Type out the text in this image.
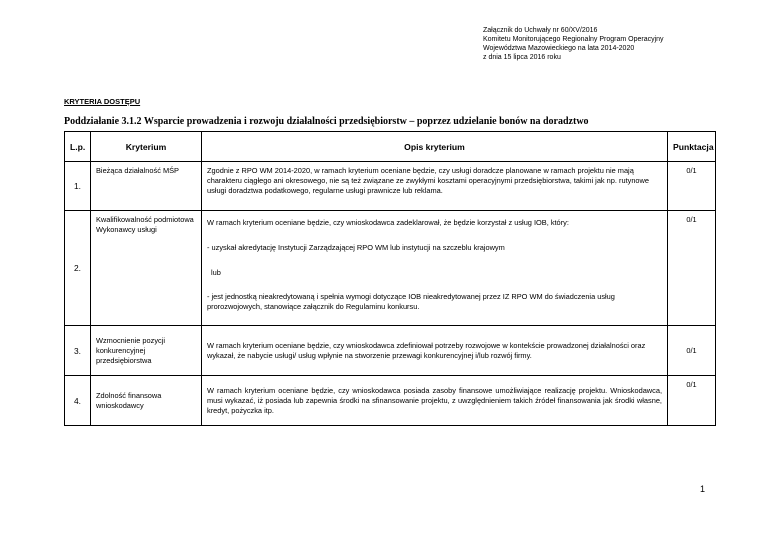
Załącznik do Uchwały nr 60/XV/2016
Komitetu Monitorującego Regionalny Program Operacyjny
Województwa Mazowieckiego na lata 2014-2020
z dnia 15 lipca 2016 roku
KRYTERIA DOSTĘPU
Poddziałanie 3.1.2 Wsparcie prowadzenia i rozwoju działalności przedsiębiorstw – poprzez udzielanie bonów na doradztwo
L.p.	Kryterium	Opis kryterium	Punktacja
1.	Bieżąca działalność MŚP	Zgodnie z RPO WM 2014-2020, w ramach kryterium oceniane będzie, czy usługi doradcze planowane w ramach projektu nie mają charakteru ciągłego ani okresowego, nie są też związane ze zwykłymi kosztami operacyjnymi przedsiębiorstwa, takimi jak np. rutynowe usługi doradztwa podatkowego, regularne usługi prawnicze lub reklama.	0/1
2.	Kwalifikowalność podmiotowa Wykonawcy usługi	W ramach kryterium oceniane będzie, czy wnioskodawca zadeklarował, że będzie korzystał z usług IOB, który:

- uzyskał akredytację Instytucji Zarządzającej RPO WM lub instytucji na szczeblu krajowym

lub

- jest jednostką nieakredytowaną i spełnia wymogi dotyczące IOB nieakredytowanej przez IZ RPO WM do świadczenia usług prorozwojowych, stanowiące załącznik do Regulaminu konkursu.	0/1
3.	Wzmocnienie pozycji konkurencyjnej przedsiębiorstwa	W ramach kryterium oceniane będzie, czy wnioskodawca zdefiniował potrzeby rozwojowe w kontekście prowadzonej działalności oraz wykazał, że nabycie usługi/ usług wpłynie na stworzenie przewagi konkurencyjnej i/lub rozwój firmy.	0/1
4.	Zdolność finansowa wnioskodawcy	W ramach kryterium oceniane będzie, czy wnioskodawca posiada zasoby finansowe umożliwiające realizację projektu. Wnioskodawca, musi wykazać, iż posiada lub zapewnia środki na sfinansowanie projektu, z uwzględnieniem takich źródeł finansowania jak środki własne, kredyt, pożyczka itp.	0/1
1
